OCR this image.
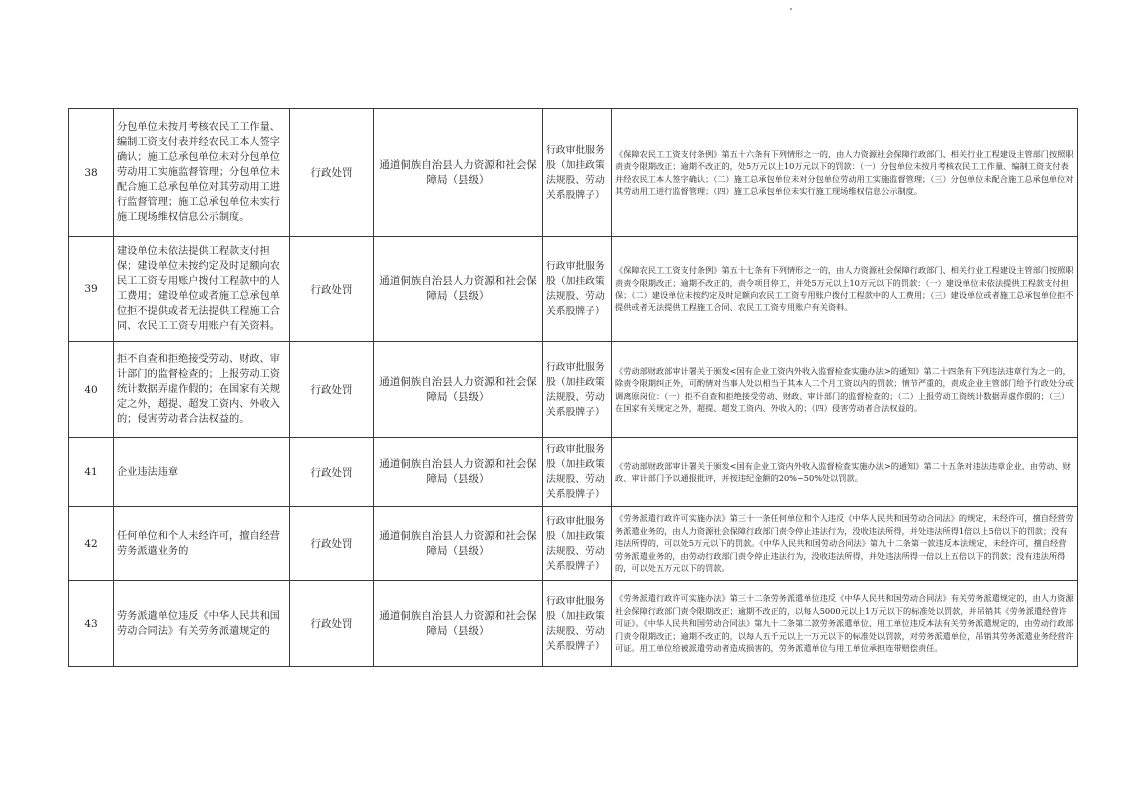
38	分包单位未按月考核农民工工作量、编制工资支付表并经农民工本人签字确认；施工总承包单位未对分包单位劳动用工实施监督管理；分包单位未配合施工总承包单位对其劳动用工进行监督管理；施工总承包单位未实行施工现场维权信息公示制度。	行政处罚	通道侗族自治县人力资源和社会保障局（县级）	行政审批服务股（加挂政策法规股、劳动关系股牌子）	《保障农民工工资支付条例》第五十六条有下列情形之一的，由人力资源社会保障行政部门、相关行业工程建设主管部门按照职责责令限期改正；逾期不改正的，处5万元以上10万元以下的罚款：（一）分包单位未按月考核农民工工作量、编制工资支付表并经农民工本人签字确认；（二）施工总承包单位未对分包单位劳动用工实施监督管理；（三）分包单位未配合施工总承包单位对其劳动用工进行监督管理；（四）施工总承包单位未实行施工现场维权信息公示制度。
39	建设单位未依法提供工程款支付担保；建设单位未按约定及时足额向农民工工资专用账户拨付工程款中的人工费用；建设单位或者施工总承包单位拒不提供或者无法提供工程施工合同、农民工工资专用账户有关资料。	行政处罚	通道侗族自治县人力资源和社会保障局（县级）	行政审批服务股（加挂政策法规股、劳动关系股牌子）	《保障农民工工资支付条例》第五十七条有下列情形之一的，由人力资源社会保障行政部门、相关行业工程建设主管部门按照职责责令限期改正；逾期不改正的，责令项目停工，并处5万元以上10万元以下的罚款：（一）建设单位未依法提供工程款支付担保；（二）建设单位未按约定及时足额向农民工工资专用账户拨付工程款中的人工费用；（三）建设单位或者施工总承包单位拒不提供或者无法提供工程施工合同、农民工工资专用账户有关资料。
40	拒不自查和拒绝接受劳动、财政、审计部门的监督检查的；上报劳动工资统计数据弄虚作假的；在国家有关规定之外，超提、超发工资内、外收入的；侵害劳动者合法权益的。	行政处罚	通道侗族自治县人力资源和社会保障局（县级）	行政审批服务股（加挂政策法规股、劳动关系股牌子）	《劳动部财政部审计署关于颁发<国有企业工资内外收入监督检查实施办法>的通知》第二十四条有下列违法违章行为之一的，除责令限期纠正外，可酌情对当事人处以相当于其本人二个月工资以内的罚款；情节严重的，责成企业主管部门给予行政处分或调离原岗位：（一）拒不自查和拒绝接受劳动、财政、审计部门的监督检查的；（二）上报劳动工资统计数据弄虚作假的；（三）在国家有关规定之外，超提、超发工资内、外收入的；（四）侵害劳动者合法权益的。
41	企业违法违章	行政处罚	通道侗族自治县人力资源和社会保障局（县级）	行政审批服务股（加挂政策法规股、劳动关系股牌子）	《劳动部财政部审计署关于颁发<国有企业工资内外收入监督检查实施办法>的通知》第二十五条对违法违章企业，由劳动、财政、审计部门予以通报批评，并按违纪金额的20%~50%处以罚款。
42	任何单位和个人未经许可，擅自经营劳务派遣业务的	行政处罚	通道侗族自治县人力资源和社会保障局（县级）	行政审批服务股（加挂政策法规股、劳动关系股牌子）	《劳务派遣行政许可实施办法》第三十一条任何单位和个人违反《中华人民共和国劳动合同法》的规定，未经许可，擅自经营劳务派遣业务的，由人力资源社会保障行政部门责令停止违法行为，没收违法所得，并处违法所得1倍以上5倍以下的罚款；没有违法所得的，可以处5万元以下的罚款。《中华人民共和国劳动合同法》第九十二条第一款违反本法规定，未经许可，擅自经营劳务派遣业务的，由劳动行政部门责令停止违法行为，没收违法所得，并处违法所得一倍以上五倍以下的罚款；没有违法所得的，可以处五万元以下的罚款。
43	劳务派遣单位违反《中华人民共和国劳动合同法》有关劳务派遣规定的	行政处罚	通道侗族自治县人力资源和社会保障局（县级）	行政审批服务股（加挂政策法规股、劳动关系股牌子）	《劳务派遣行政许可实施办法》第三十二条劳务派遣单位违反《中华人民共和国劳动合同法》有关劳务派遣规定的，由人力资源社会保障行政部门责令限期改正；逾期不改正的，以每人5000元以上1万元以下的标准处以罚款，并吊销其《劳务派遣经营许可证》。《中华人民共和国劳动合同法》第九十二条第二款劳务派遣单位、用工单位违反本法有关劳务派遣规定的，由劳动行政部门责令限期改正；逾期不改正的，以每人五千元以上一万元以下的标准处以罚款，对劳务派遣单位，吊销其劳务派遣业务经营许可证。用工单位给被派遣劳动者造成损害的，劳务派遣单位与用工单位承担连带赔偿责任。
